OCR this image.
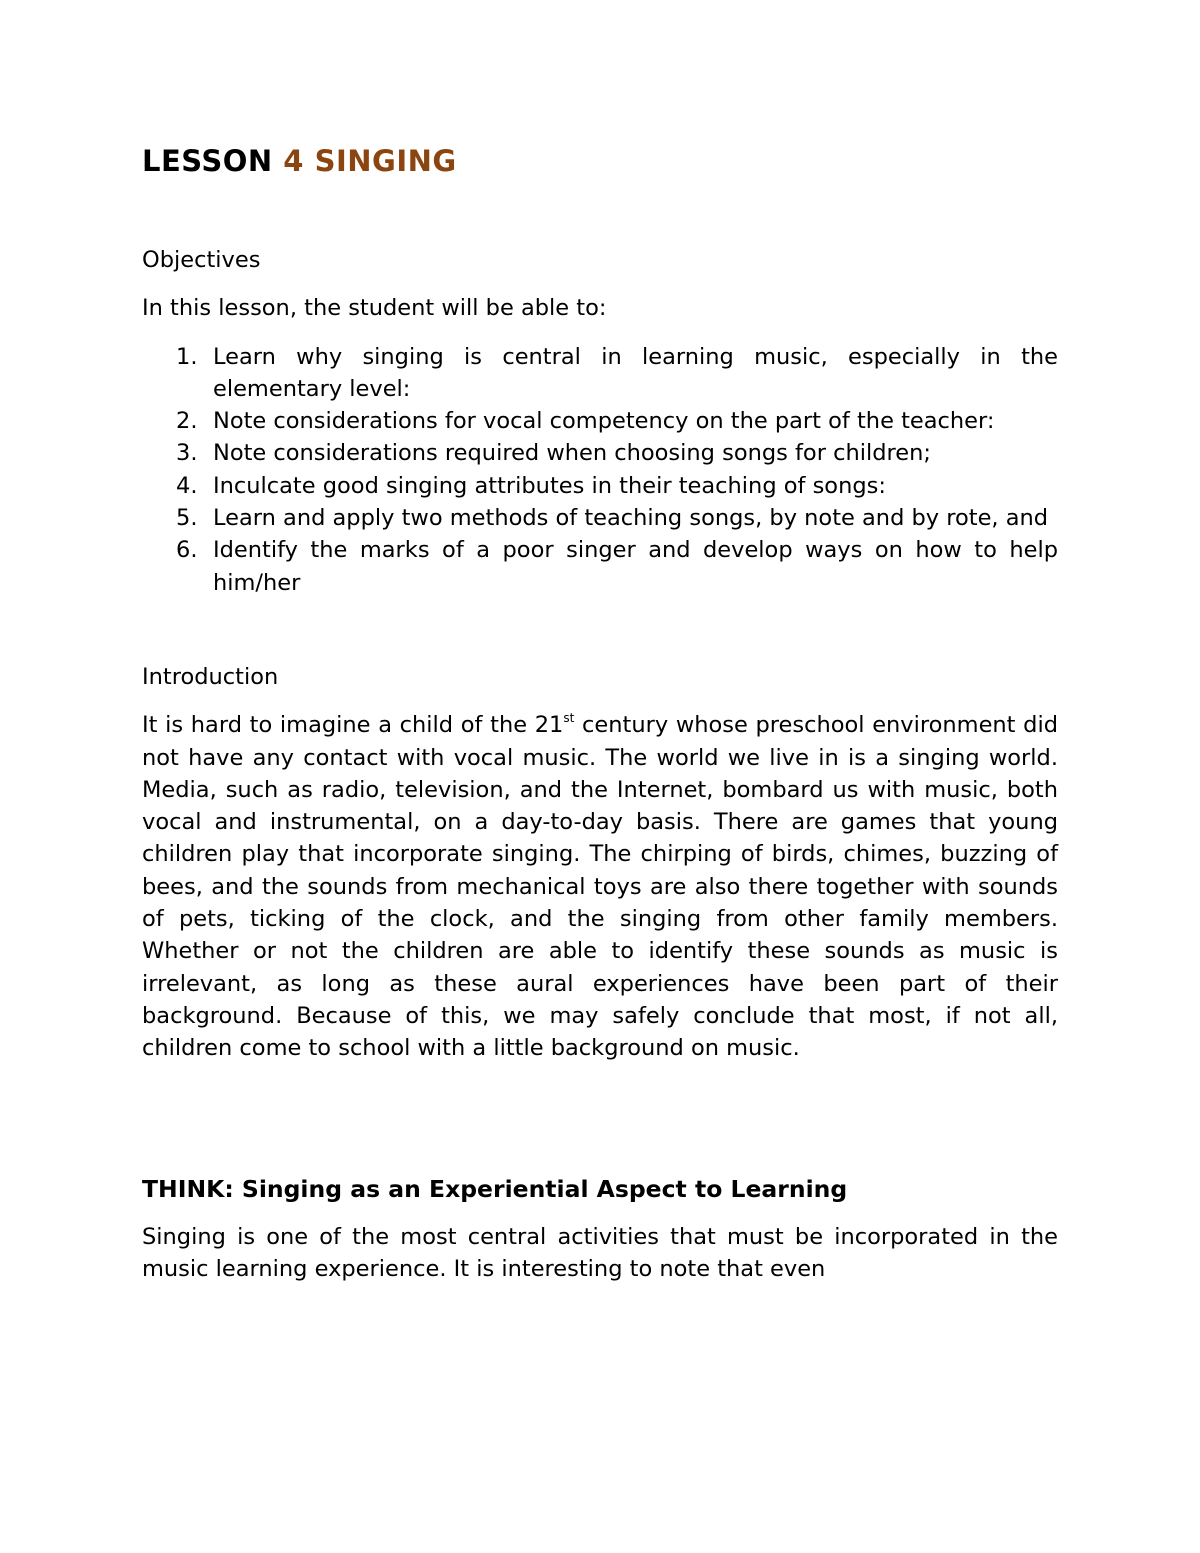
LESSON 4 SINGING

Objectives

In this lesson, the student will be able to:

1. Learn why singing is central in learning music, especially in the elementary level:
2. Note considerations for vocal competency on the part of the teacher:
3. Note considerations required when choosing songs for children;
4. Inculcate good singing attributes in their teaching of songs:
5. Learn and apply two methods of teaching songs, by note and by rote, and
6. Identify the marks of a poor singer and develop ways on how to help him/her

Introduction

It is hard to imagine a child of the 21st century whose preschool environment did not have any contact with vocal music. The world we live in is a singing world. Media, such as radio, television, and the Internet, bombard us with music, both vocal and instrumental, on a day-to-day basis. There are games that young children play that incorporate singing. The chirping of birds, chimes, buzzing of bees, and the sounds from mechanical toys are also there together with sounds of pets, ticking of the clock, and the singing from other family members. Whether or not the children are able to identify these sounds as music is irrelevant, as long as these aural experiences have been part of their background. Because of this, we may safely conclude that most, if not all, children come to school with a little background on music.

THINK: Singing as an Experiential Aspect to Learning

Singing is one of the most central activities that must be incorporated in the music learning experience. It is interesting to note that even
